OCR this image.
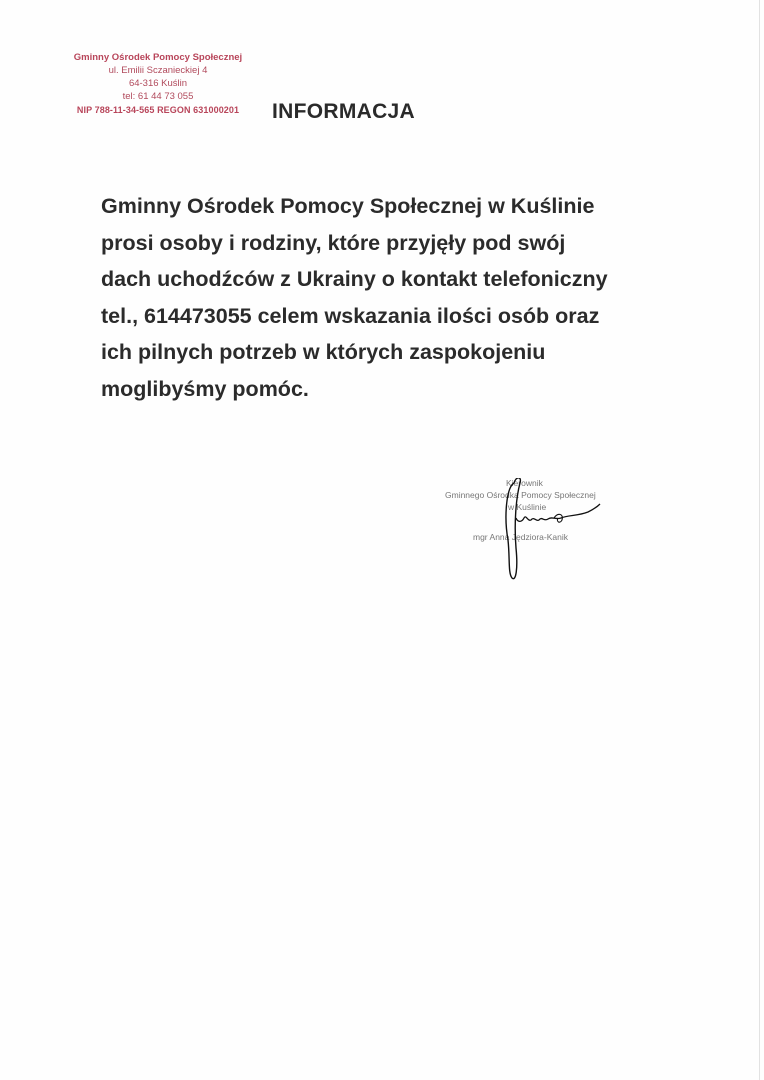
Gminny Ośrodek Pomocy Społecznej
ul. Emilii Sczanieckiej 4
64-316 Kuślin
tel: 61 44 73 055
NIP 788-11-34-565 REGON 631000201	INFORMACJA
Gminny Ośrodek Pomocy Społecznej w Kuślinie
prosi osoby i rodziny, które przyjęły pod swój
dach uchodźców z Ukrainy o kontakt telefoniczny
tel., 614473055 celem wskazania ilości osób oraz
ich pilnych potrzeb w których zaspokojeniu
moglibyśmy pomóc.
Kierownik
Gminnego Ośrodka Pomocy Społecznej
w Kuślinie
mgr Anna Jędziora-Kanik
